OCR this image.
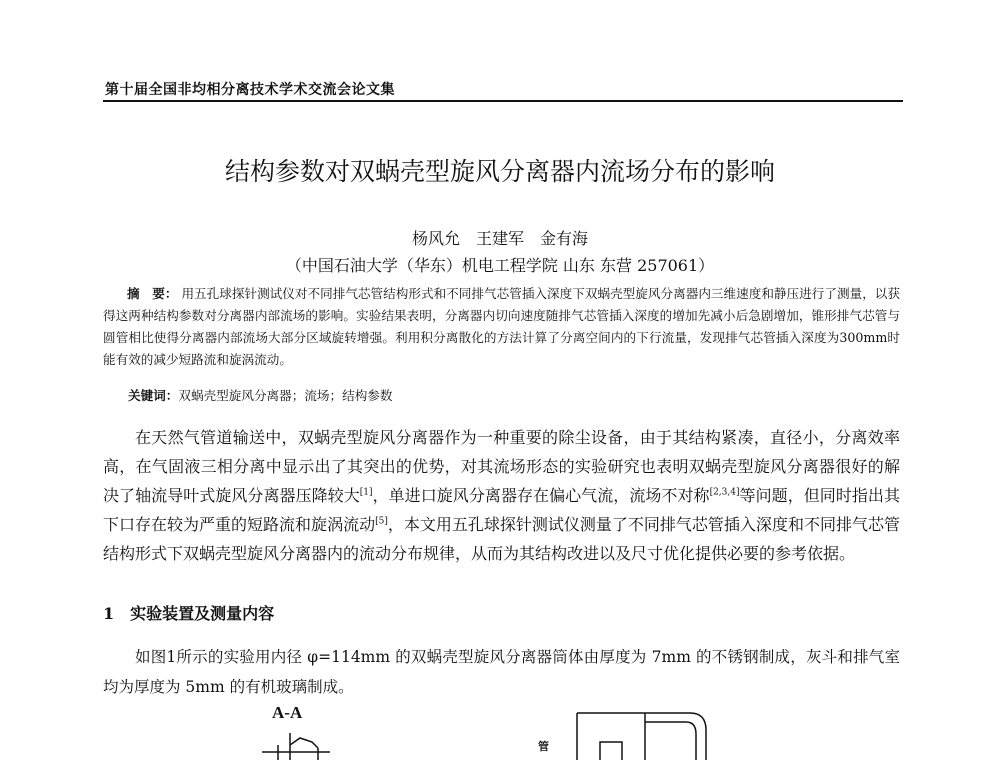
第十届全国非均相分离技术学术交流会论文集
结构参数对双蜗壳型旋风分离器内流场分布的影响
杨风允　王建军　金有海
（中国石油大学（华东）机电工程学院 山东 东营 257061）
摘　要： 用五孔球探针测试仪对不同排气芯管结构形式和不同排气芯管插入深度下双蜗壳型旋风分离器内三维速度和静压进行了测量，以获得这两种结构参数对分离器内部流场的影响。实验结果表明，分离器内切向速度随排气芯管插入深度的增加先减小后急剧增加，锥形排气芯管与圆管相比使得分离器内部流场大部分区域旋转增强。利用积分离散化的方法计算了分离空间内的下行流量，发现排气芯管插入深度为300mm时能有效的减少短路流和旋涡流动。
关键词：双蜗壳型旋风分离器；流场；结构参数
在天然气管道输送中，双蜗壳型旋风分离器作为一种重要的除尘设备，由于其结构紧凑，直径小，分离效率高，在气固液三相分离中显示出了其突出的优势，对其流场形态的实验研究也表明双蜗壳型旋风分离器很好的解决了轴流导叶式旋风分离器压降较大[1]，单进口旋风分离器存在偏心气流，流场不对称[2,3,4]等问题，但同时指出其下口存在较为严重的短路流和旋涡流动[5]，本文用五孔球探针测试仪测量了不同排气芯管插入深度和不同排气芯管结构形式下双蜗壳型旋风分离器内的流动分布规律，从而为其结构改进以及尺寸优化提供必要的参考依据。
1　实验装置及测量内容
如图1所示的实验用内径 φ=114mm 的双蜗壳型旋风分离器筒体由厚度为 7mm 的不锈钢制成，灰斗和排气室均为厚度为 5mm 的有机玻璃制成。
A-A
管
